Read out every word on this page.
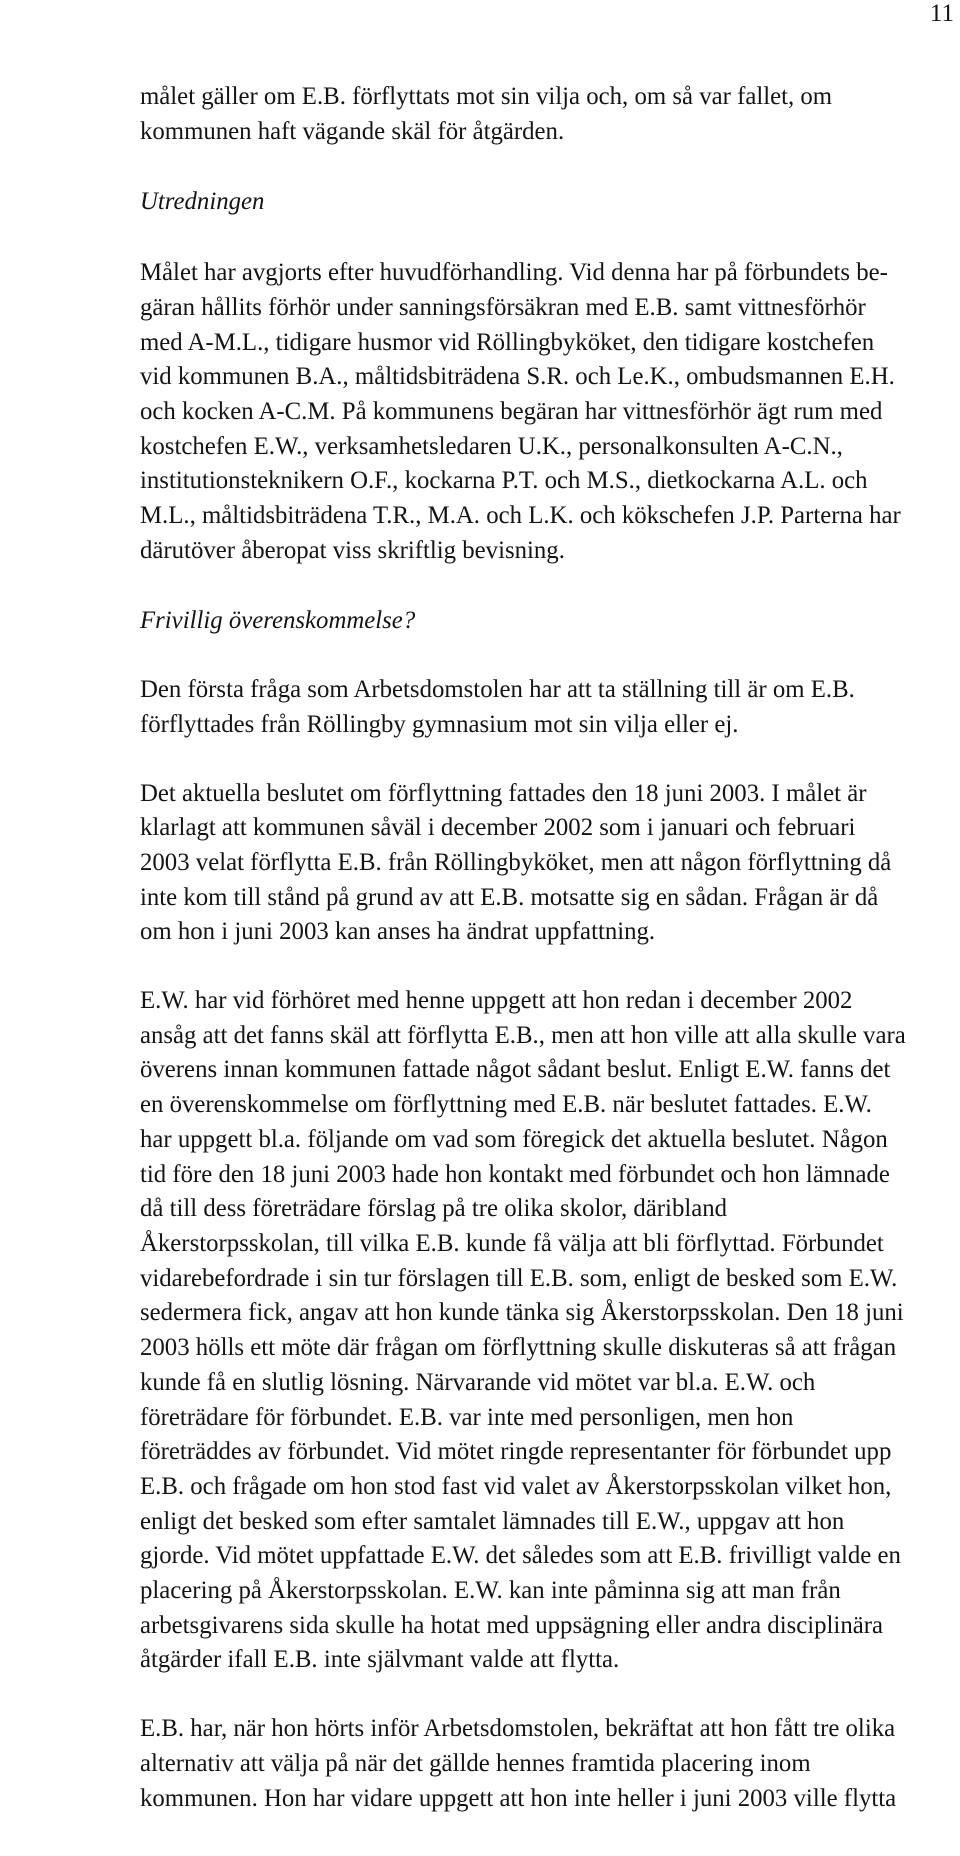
11

målet gäller om E.B. förflyttats mot sin vilja och, om så var fallet, om
kommunen haft vägande skäl för åtgärden.

Utredningen

Målet har avgjorts efter huvudförhandling. Vid denna har på förbundets be-
gäran hållits förhör under sanningsförsäkran med E.B. samt vittnesförhör
med A-M.L., tidigare husmor vid Röllingbyköket, den tidigare kostchefen
vid kommunen B.A., måltidsbiträdena S.R. och Le.K., ombudsmannen E.H.
och kocken A-C.M. På kommunens begäran har vittnesförhör ägt rum med
kostchefen E.W., verksamhetsledaren U.K., personalkonsulten A-C.N.,
institutionsteknikern O.F., kockarna P.T. och M.S., dietkockarna A.L. och
M.L., måltidsbiträdena T.R., M.A. och L.K. och kökschefen J.P. Parterna har
därutöver åberopat viss skriftlig bevisning.

Frivillig överenskommelse?

Den första fråga som Arbetsdomstolen har att ta ställning till är om E.B.
förflyttades från Röllingby gymnasium mot sin vilja eller ej.

Det aktuella beslutet om förflyttning fattades den 18 juni 2003. I målet är
klarlagt att kommunen såväl i december 2002 som i januari och februari
2003 velat förflytta E.B. från Röllingbyköket, men att någon förflyttning då
inte kom till stånd på grund av att E.B. motsatte sig en sådan. Frågan är då
om hon i juni 2003 kan anses ha ändrat uppfattning.

E.W. har vid förhöret med henne uppgett att hon redan i december 2002
ansåg att det fanns skäl att förflytta E.B., men att hon ville att alla skulle vara
överens innan kommunen fattade något sådant beslut. Enligt E.W. fanns det
en överenskommelse om förflyttning med E.B. när beslutet fattades. E.W.
har uppgett bl.a. följande om vad som föregick det aktuella beslutet. Någon
tid före den 18 juni 2003 hade hon kontakt med förbundet och hon lämnade
då till dess företrädare förslag på tre olika skolor, däribland
Åkerstorpsskolan, till vilka E.B. kunde få välja att bli förflyttad. Förbundet
vidarebefordrade i sin tur förslagen till E.B. som, enligt de besked som E.W.
sedermera fick, angav att hon kunde tänka sig Åkerstorpsskolan. Den 18 juni
2003 hölls ett möte där frågan om förflyttning skulle diskuteras så att frågan
kunde få en slutlig lösning. Närvarande vid mötet var bl.a. E.W. och
företrädare för förbundet. E.B. var inte med personligen, men hon
företräddes av förbundet. Vid mötet ringde representanter för förbundet upp
E.B. och frågade om hon stod fast vid valet av Åkerstorpsskolan vilket hon,
enligt det besked som efter samtalet lämnades till E.W., uppgav att hon
gjorde. Vid mötet uppfattade E.W. det således som att E.B. frivilligt valde en
placering på Åkerstorpsskolan. E.W. kan inte påminna sig att man från
arbetsgivarens sida skulle ha hotat med uppsägning eller andra disciplinära
åtgärder ifall E.B. inte självmant valde att flytta.

E.B. har, när hon hörts inför Arbetsdomstolen, bekräftat att hon fått tre olika
alternativ att välja på när det gällde hennes framtida placering inom
kommunen. Hon har vidare uppgett att hon inte heller i juni 2003 ville flytta
